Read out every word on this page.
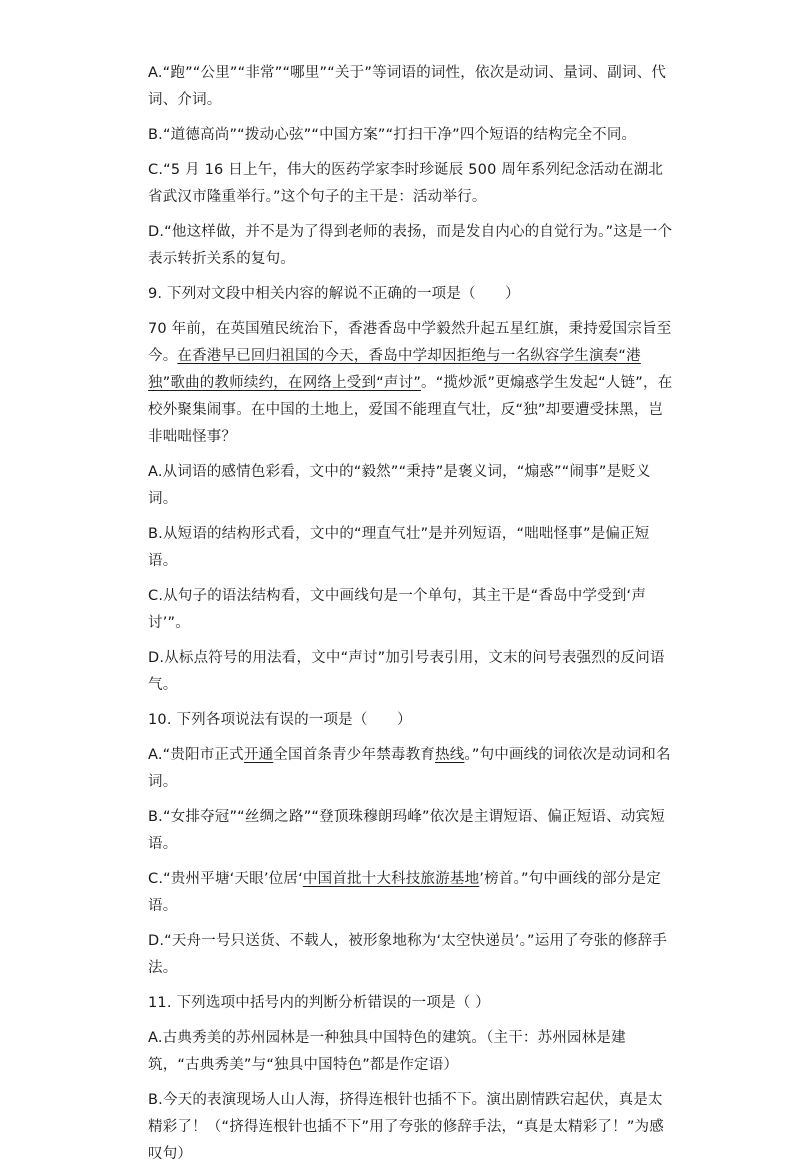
A.“跑”“公里”“非常”“哪里”“关于”等词语的词性，依次是动词、量词、副词、代词、介词。

B.“道德高尚”“拨动心弦”“中国方案”“打扫干净”四个短语的结构完全不同。

C.“5 月 16 日上午，伟大的医药学家李时珍诞辰 500 周年系列纪念活动在湖北省武汉市隆重举行。”这个句子的主干是：活动举行。

D.“他这样做，并不是为了得到老师的表扬，而是发自内心的自觉行为。”这是一个表示转折关系的复句。

9. 下列对文段中相关内容的解说不正确的一项是（　　）

70 年前，在英国殖民统治下，香港香岛中学毅然升起五星红旗，秉持爱国宗旨至今。在香港早已回归祖国的今天，香岛中学却因拒绝与一名纵容学生演奏“港独”歌曲的教师续约，在网络上受到“声讨”。“揽炒派”更煽惑学生发起“人链”，在校外聚集闹事。在中国的土地上，爱国不能理直气壮，反“独”却要遭受抹黑，岂非咄咄怪事？

A.从词语的感情色彩看，文中的“毅然”“秉持”是褒义词，“煽惑”“闹事”是贬义词。

B.从短语的结构形式看，文中的“理直气壮”是并列短语，“咄咄怪事”是偏正短语。

C.从句子的语法结构看，文中画线句是一个单句，其主干是“香岛中学受到‘声讨’”。

D.从标点符号的用法看，文中“声讨”加引号表引用，文末的问号表强烈的反问语气。

10. 下列各项说法有误的一项是（　　）

A.“贵阳市正式开通全国首条青少年禁毒教育热线。”句中画线的词依次是动词和名词。

B.“女排夺冠”“丝绸之路”“登顶珠穆朗玛峰”依次是主谓短语、偏正短语、动宾短语。

C.“贵州平塘‘天眼’位居‘中国首批十大科技旅游基地’榜首。”句中画线的部分是定语。

D.“天舟一号只送货、不载人，被形象地称为‘太空快递员’。”运用了夸张的修辞手法。

11. 下列选项中括号内的判断分析错误的一项是（ ）

A.古典秀美的苏州园林是一种独具中国特色的建筑。（主干：苏州园林是建筑，“古典秀美”与“独具中国特色”都是作定语）

B.今天的表演现场人山人海，挤得连根针也插不下。演出剧情跌宕起伏，真是太精彩了！（“挤得连根针也插不下”用了夸张的修辞手法，“真是太精彩了！”为感叹句）
